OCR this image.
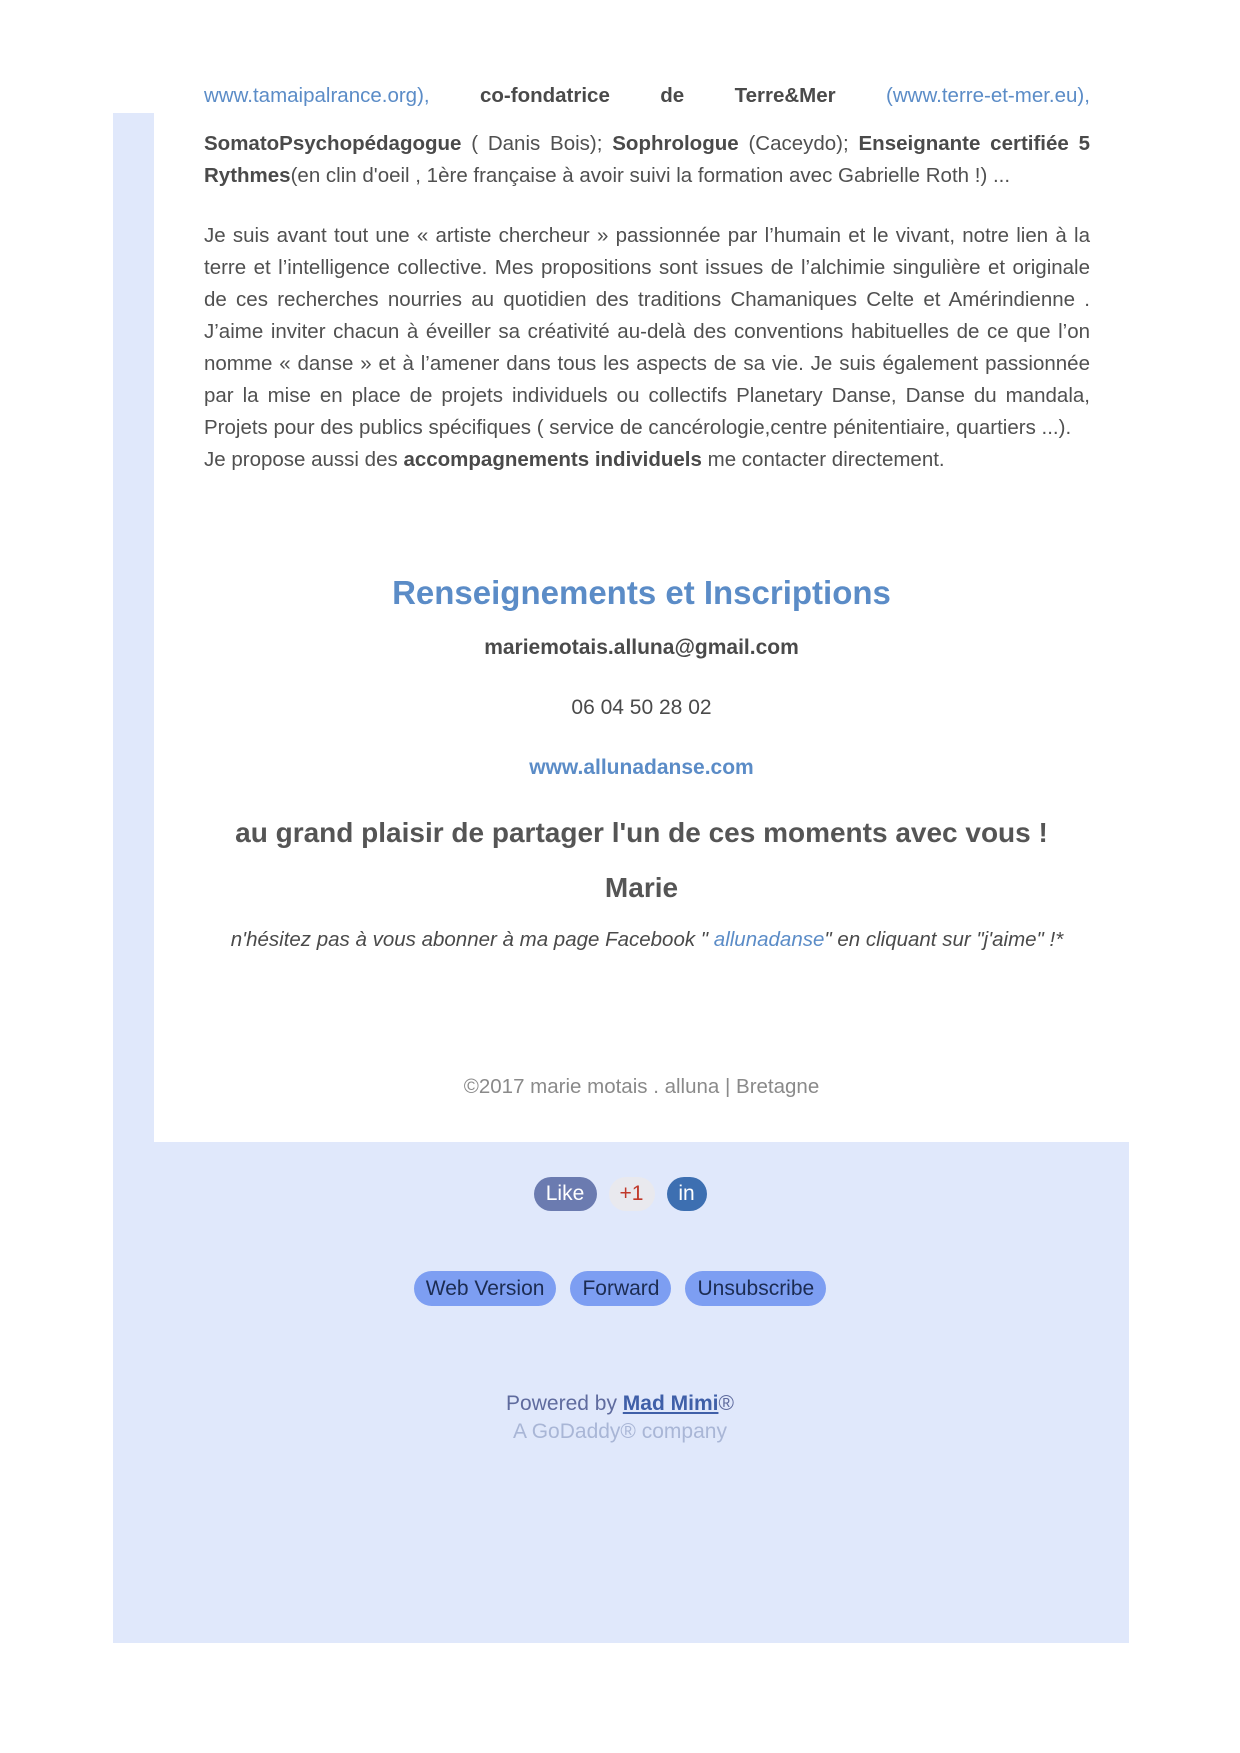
www.tamaipalrance.org), co-fondatrice de Terre&Mer (www.terre-et-mer.eu),
SomatoPsychopédagogue ( Danis Bois); Sophrologue (Caceydo); Enseignante certifiée 5 Rythmes(en clin d'oeil , 1ère française à avoir suivi la formation avec Gabrielle Roth !) ...
Je suis avant tout une « artiste chercheur » passionnée par l’humain et le vivant, notre lien à la terre et l’intelligence collective. Mes propositions sont issues de l’alchimie singulière et originale de ces recherches nourries au quotidien des traditions Chamaniques Celte et Amérindienne . J’aime inviter chacun à éveiller sa créativité au-delà des conventions habituelles de ce que l’on nomme « danse » et à l’amener dans tous les aspects de sa vie. Je suis également passionnée par la mise en place de projets individuels ou collectifs Planetary Danse, Danse du mandala, Projets pour des publics spécifiques ( service de cancérologie,centre pénitentiaire, quartiers ...).
Je propose aussi des accompagnements individuels me contacter directement.
Renseignements et Inscriptions
mariemotais.alluna@gmail.com
06 04 50 28 02
www.allunadanse.com
au grand plaisir de partager l'un de ces moments avec vous !
Marie
n'hésitez pas à vous abonner à ma page Facebook " allunadanse" en cliquant sur "j'aime" !*
©2017 marie motais . alluna | Bretagne
Like	+1	in
Web Version	Forward	Unsubscribe
Powered by Mad Mimi®
A GoDaddy® company
